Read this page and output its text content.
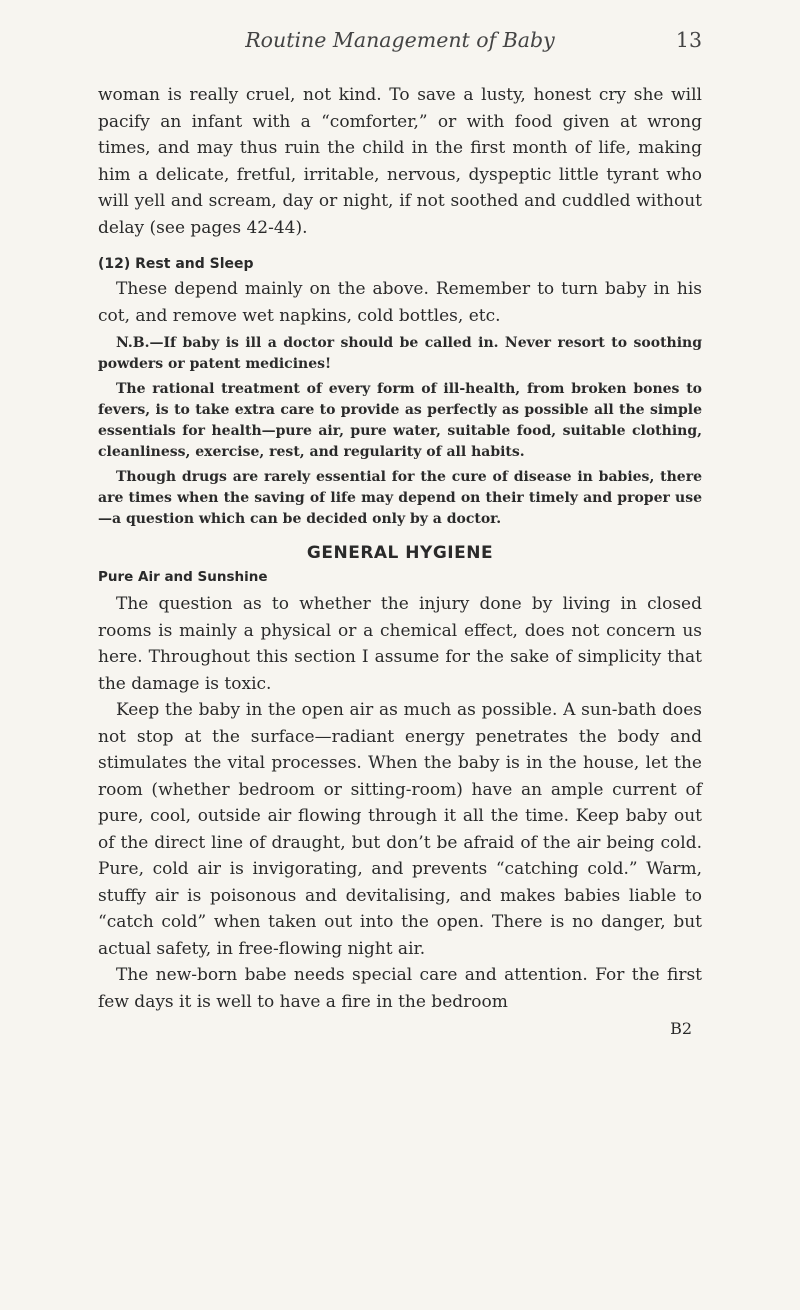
Routine Management of Baby	13

woman is really cruel, not kind. To save a lusty, honest cry she will pacify an infant with a “comforter,” or with food given at wrong times, and may thus ruin the child in the first month of life, making him a delicate, fretful, irritable, nervous, dyspeptic little tyrant who will yell and scream, day or night, if not soothed and cuddled without delay (see pages 42-44).

(12) Rest and Sleep

These depend mainly on the above. Remember to turn baby in his cot, and remove wet napkins, cold bottles, etc.

N.B.—If baby is ill a doctor should be called in. Never resort to soothing powders or patent medicines!

The rational treatment of every form of ill-health, from broken bones to fevers, is to take extra care to provide as perfectly as possible all the simple essentials for health—pure air, pure water, suitable food, suitable clothing, cleanliness, exercise, rest, and regularity of all habits.

Though drugs are rarely essential for the cure of disease in babies, there are times when the saving of life may depend on their timely and proper use—a question which can be decided only by a doctor.

GENERAL HYGIENE
Pure Air and Sunshine

The question as to whether the injury done by living in closed rooms is mainly a physical or a chemical effect, does not concern us here. Throughout this section I assume for the sake of simplicity that the damage is toxic.

Keep the baby in the open air as much as possible. A sun-bath does not stop at the surface—radiant energy penetrates the body and stimulates the vital processes. When the baby is in the house, let the room (whether bedroom or sitting-room) have an ample current of pure, cool, outside air flowing through it all the time. Keep baby out of the direct line of draught, but don’t be afraid of the air being cold. Pure, cold air is invigorating, and prevents “catching cold.” Warm, stuffy air is poisonous and devitalising, and makes babies liable to “catch cold” when taken out into the open. There is no danger, but actual safety, in free-flowing night air.

The new-born babe needs special care and attention. For the first few days it is well to have a fire in the bedroom

B2
